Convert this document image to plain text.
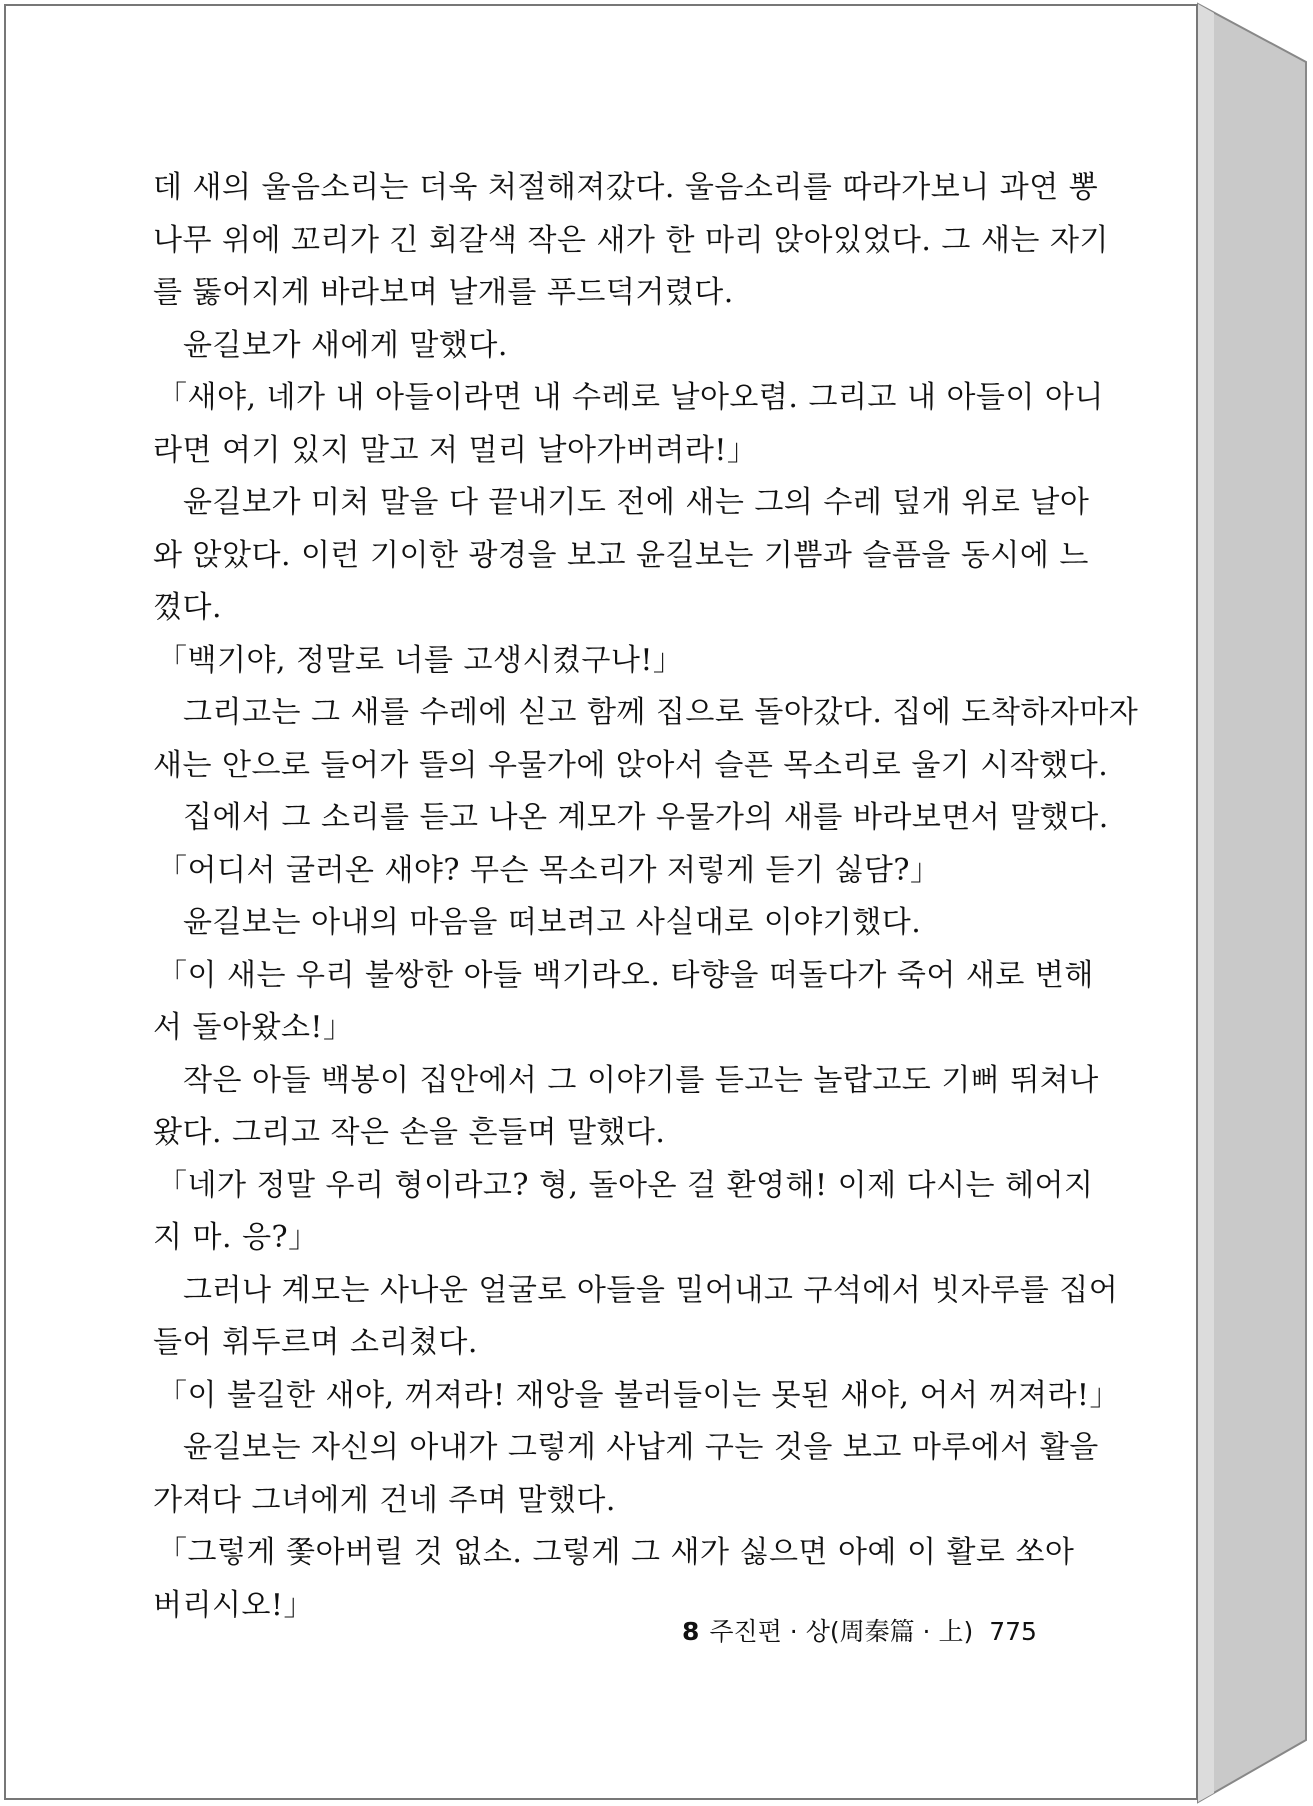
데 새의 울음소리는 더욱 처절해져갔다. 울음소리를 따라가보니 과연 뽕
나무 위에 꼬리가 긴 회갈색 작은 새가 한 마리 앉아있었다. 그 새는 자기
를 뚫어지게 바라보며 날개를 푸드덕거렸다.
윤길보가 새에게 말했다.
「새야, 네가 내 아들이라면 내 수레로 날아오렴. 그리고 내 아들이 아니
라면 여기 있지 말고 저 멀리 날아가버려라!」
윤길보가 미처 말을 다 끝내기도 전에 새는 그의 수레 덮개 위로 날아
와 앉았다. 이런 기이한 광경을 보고 윤길보는 기쁨과 슬픔을 동시에 느
꼈다.
「백기야, 정말로 너를 고생시켰구나!」
그리고는 그 새를 수레에 싣고 함께 집으로 돌아갔다. 집에 도착하자마자
새는 안으로 들어가 뜰의 우물가에 앉아서 슬픈 목소리로 울기 시작했다.
집에서 그 소리를 듣고 나온 계모가 우물가의 새를 바라보면서 말했다.
「어디서 굴러온 새야? 무슨 목소리가 저렇게 듣기 싫담?」
윤길보는 아내의 마음을 떠보려고 사실대로 이야기했다.
「이 새는 우리 불쌍한 아들 백기라오. 타향을 떠돌다가 죽어 새로 변해
서 돌아왔소!」
작은 아들 백봉이 집안에서 그 이야기를 듣고는 놀랍고도 기뻐 뛰쳐나
왔다. 그리고 작은 손을 흔들며 말했다.
「네가 정말 우리 형이라고? 형, 돌아온 걸 환영해! 이제 다시는 헤어지
지 마. 응?」
그러나 계모는 사나운 얼굴로 아들을 밀어내고 구석에서 빗자루를 집어
들어 휘두르며 소리쳤다.
「이 불길한 새야, 꺼져라! 재앙을 불러들이는 못된 새야, 어서 꺼져라!」
윤길보는 자신의 아내가 그렇게 사납게 구는 것을 보고 마루에서 활을
가져다 그녀에게 건네 주며 말했다.
「그렇게 쫓아버릴 것 없소. 그렇게 그 새가 싫으면 아예 이 활로 쏘아
버리시오!」
8 주진편 · 상(周秦篇 · 上) 775
